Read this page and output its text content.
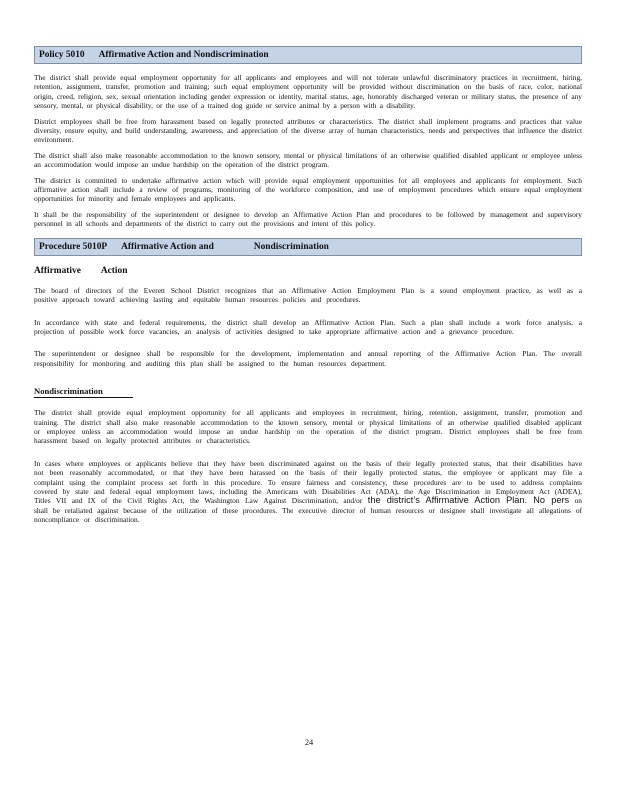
Policy 5010 Affirmative Action and Nondiscrimination

The district shall provide equal employment opportunity for all applicants and employees and will not tolerate unlawful discriminatory practices in recruitment, hiring, retention, assignment, transfer, promotion and training; such equal employment opportunity will be provided without discrimination on the basis of race, color, national origin, creed, religion, sex, sexual orientation including gender expression or identity, marital status, age, honorably discharged veteran or military status, the presence of any sensory, mental, or physical disability, or the use of a trained dog guide or service animal by a person with a disability.

District employees shall be free from harassment based on legally protected attributes or characteristics. The district shall implement programs and practices that value diversity, ensure equity, and build understanding, awareness, and appreciation of the diverse array of human characteristics, needs and perspectives that influence the district environment.

The district shall also make reasonable accommodation to the known sensory, mental or physical limitations of an otherwise qualified disabled applicant or employee unless an accommodation would impose an undue hardship on the operation of the district program.

The district is committed to undertake affirmative action which will provide equal employment opportunities for all employees and applicants for employment. Such affirmative action shall include a review of programs, monitoring of the workforce composition, and use of employment procedures which ensure equal employment opportunities for minority and female employees and applicants.

It shall be the responsibility of the superintendent or designee to develop an Affirmative Action Plan and procedures to be followed by management and supervisory personnel in all schools and departments of the district to carry out the provisions and intent of this policy.

Procedure 5010P Affirmative Action and	Nondiscrimination
Affirmative Action

The board of directors of the Everett School District recognizes that an Affirmative Action Employment Plan is a sound employment practice, as well as a positive approach toward achieving lasting and equitable human resources policies and procedures.

In accordance with state and federal requirements, the district shall develop an Affirmative Action Plan. Such a plan shall include a work force analysis, a projection of possible work force vacancies, an analysis of activities designed to take appropriate affirmative action and a grievance procedure.

The superintendent or designee shall be responsible for the development, implementation and annual reporting of the Affirmative Action Plan. The overall responsibility for monitoring and auditing this plan shall be assigned to the human resources department.

Nondiscrimination

The district shall provide equal employment opportunity for all applicants and employees in recruitment, hiring, retention, assignment, transfer, promotion and training. The district shall also make reasonable accommodation to the known sensory, mental or physical limitations of an otherwise qualified disabled applicant or employee unless an accommodation would impose an undue hardship on the operation of the district program. District employees shall be free from harassment based on legally protected attributes or characteristics.

In cases where employees or applicants believe that they have been discriminated against on the basis of their legally protected status, that their disabilities have not been reasonably accommodated, or that they have been harassed on the basis of their legally protected status, the employee or applicant may file a complaint using the complaint process set forth in this procedure. To ensure fairness and consistency, these procedures are to be used to address complaints covered by state and federal equal employment laws, including the Americans with Disabilities Act (ADA), the Age Discrimination in Employment Act (ADEA), Titles VII and IX of the Civil Rights Act, the Washington Law Against Discrimination, and/or the district’s Affirmative Action Plan. No pers on shall be retaliated against because of the utilization of these procedures. The executive director of human resources or designee shall investigate all allegations of noncompliance or discrimination.

24
